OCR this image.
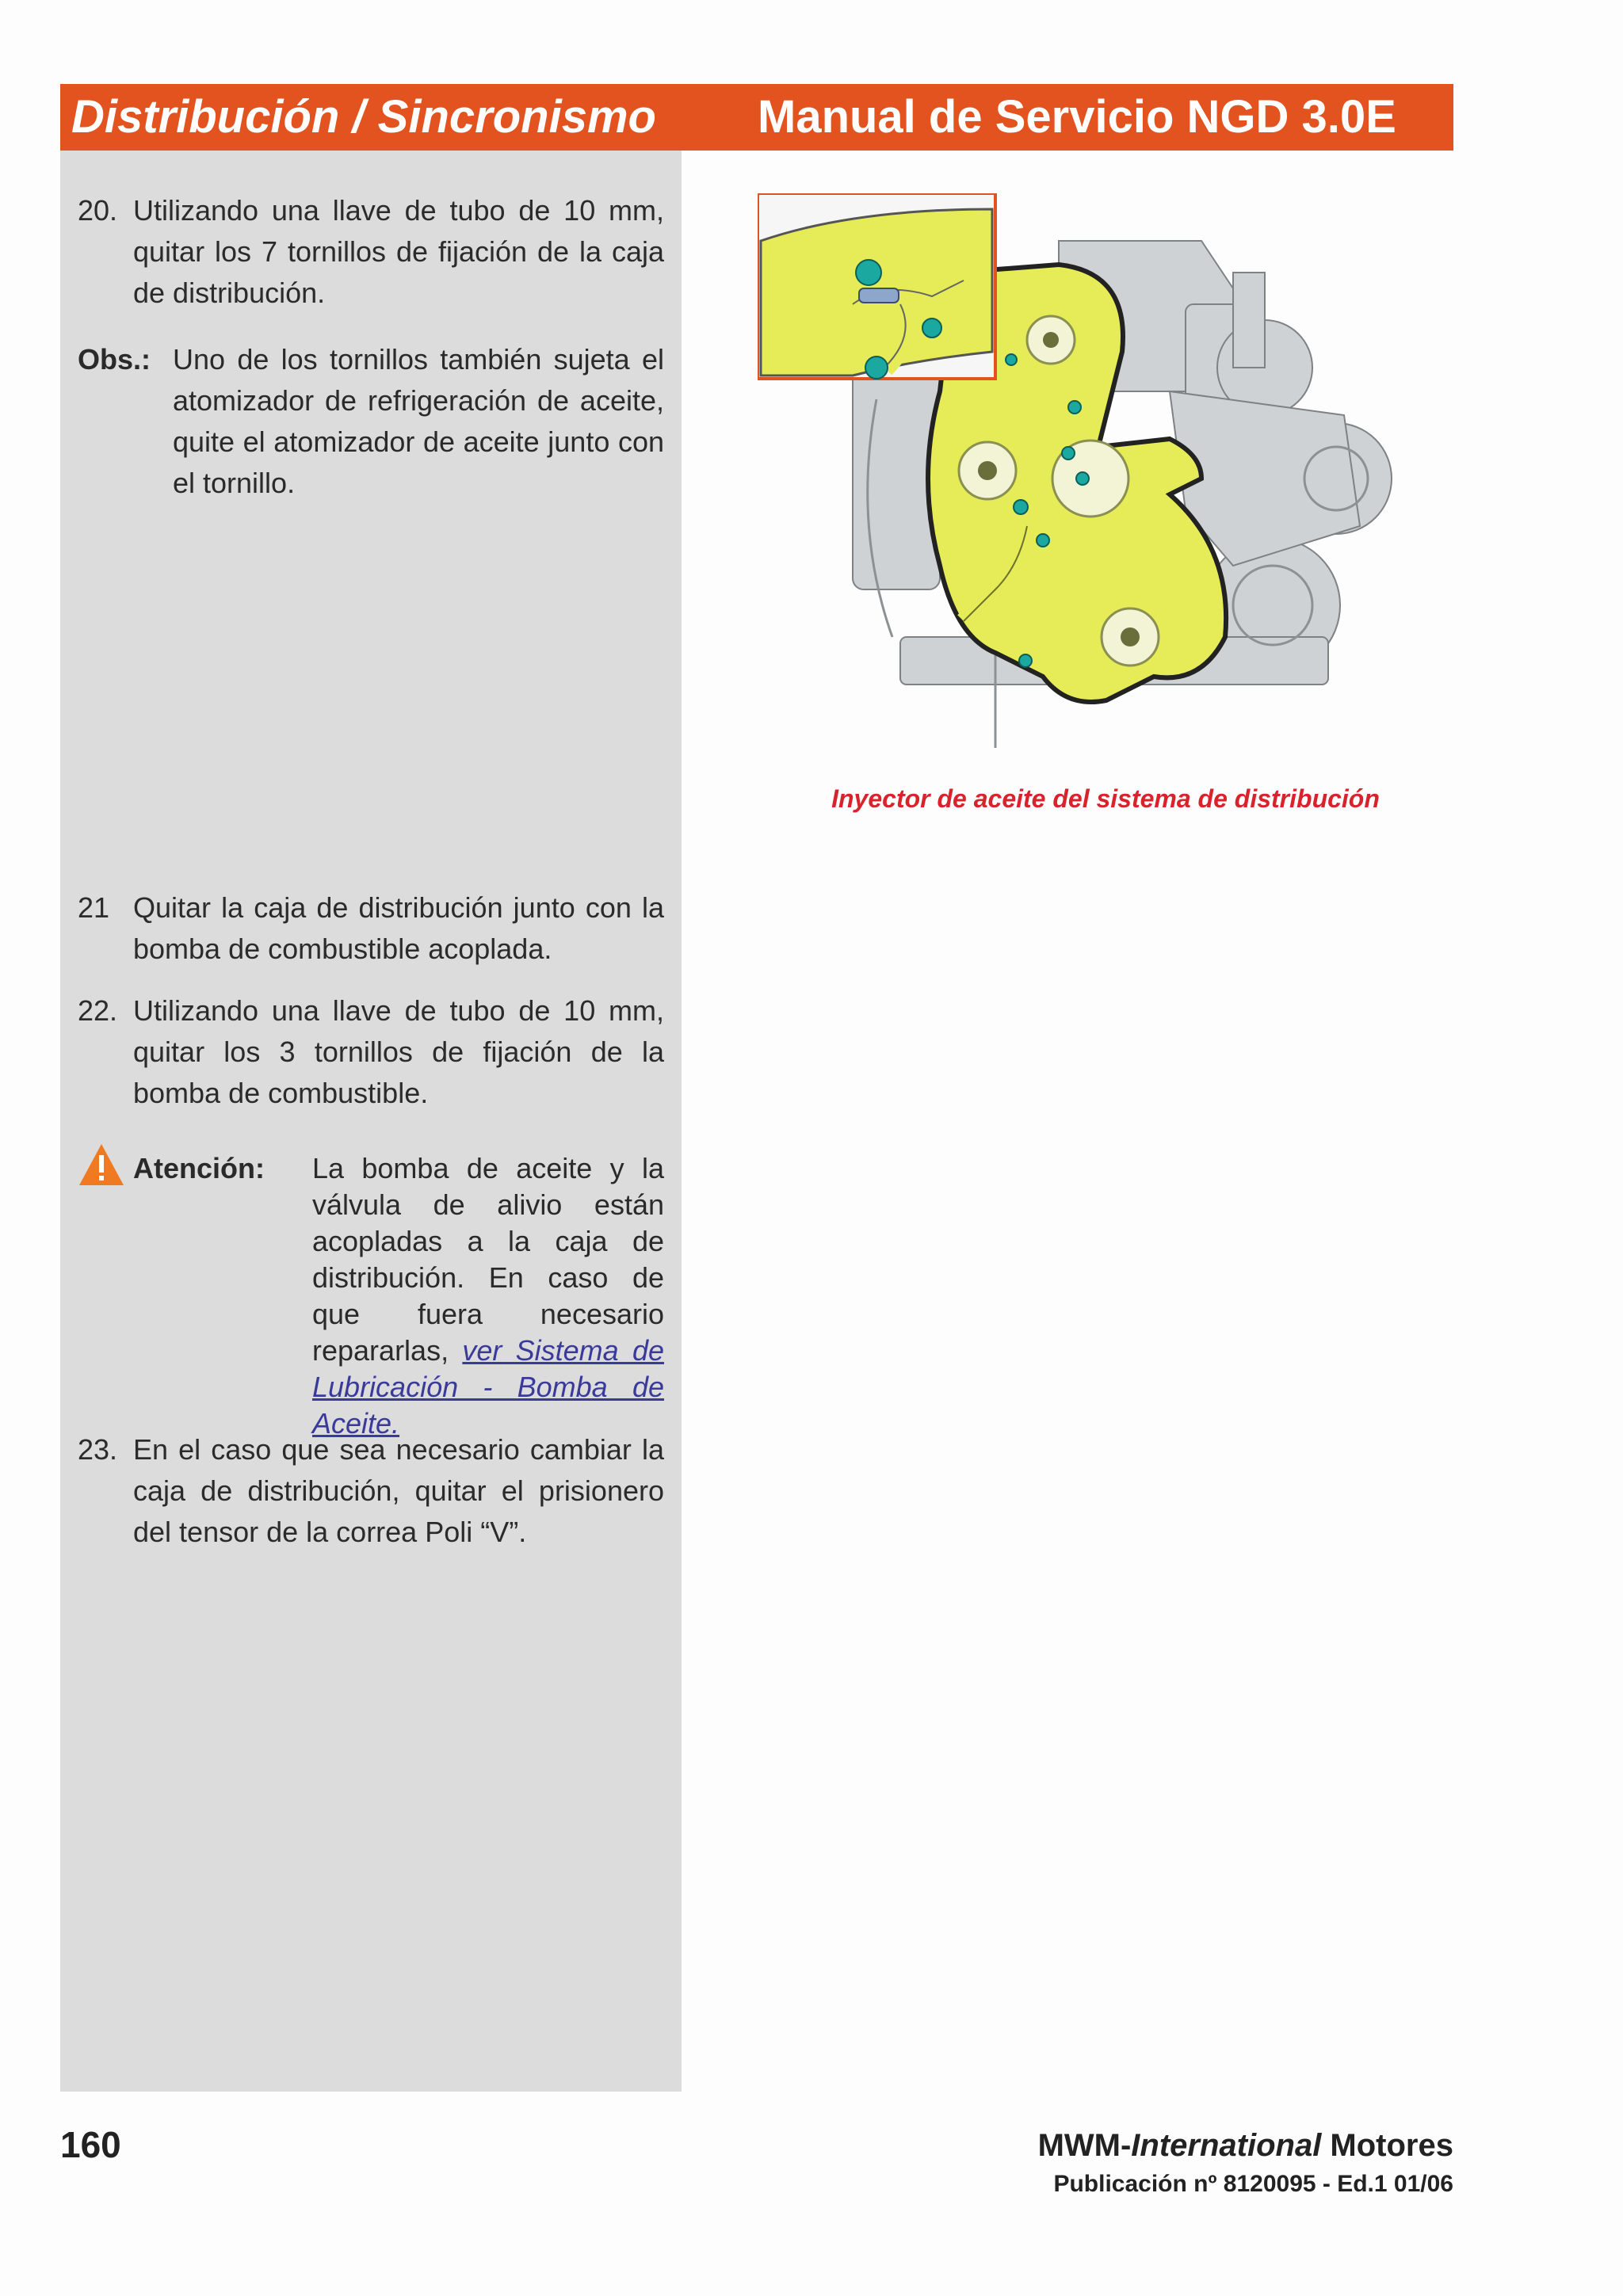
Distribución / Sincronismo Manual de Servicio NGD 3.0E
20. Utilizando una llave de tubo de 10 mm, quitar los 7 tornillos de fijación de la caja de distribución.
Obs.: Uno de los tornillos también sujeta el atomizador de refrigeración de aceite, quite el atomizador de aceite junto con el tornillo.
21 Quitar la caja de distribución junto con la bomba de combustible acoplada.
22. Utilizando una llave de tubo de 10 mm, quitar los 3 tornillos de fijación de la bomba de combustible.
Atención: La bomba de aceite y la válvula de alivio están acopladas a la caja de distribución. En caso de que fuera necesario repararlas, ver Sistema de Lubricación - Bomba de Aceite.
23. En el caso que sea necesario cambiar la caja de distribución, quitar el prisionero del tensor de la correa Poli “V”.
Inyector de aceite del sistema de distribución
160	MWM-International Motores
Publicación nº 8120095 - Ed.1 01/06
